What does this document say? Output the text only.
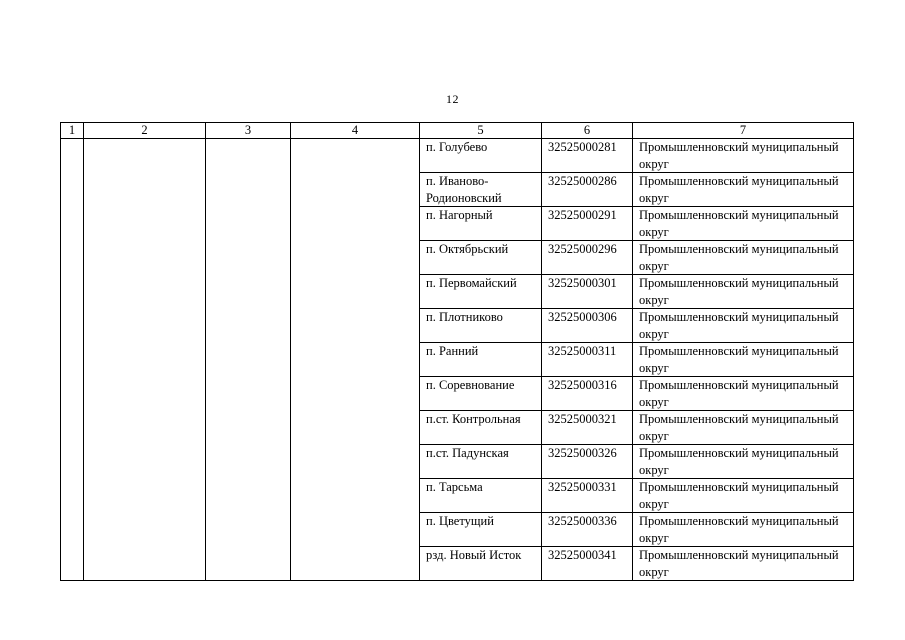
12
1	2	3	4	5	6	7
				п. Голубево	32525000281	Промышленновский муниципальный округ
				п. Иваново-Родионовский	32525000286	Промышленновский муниципальный округ
				п. Нагорный	32525000291	Промышленновский муниципальный округ
				п. Октябрьский	32525000296	Промышленновский муниципальный округ
				п. Первомайский	32525000301	Промышленновский муниципальный округ
				п. Плотниково	32525000306	Промышленновский муниципальный округ
				п. Ранний	32525000311	Промышленновский муниципальный округ
				п. Соревнование	32525000316	Промышленновский муниципальный округ
				п.ст. Контрольная	32525000321	Промышленновский муниципальный округ
				п.ст. Падунская	32525000326	Промышленновский муниципальный округ
				п. Тарсьма	32525000331	Промышленновский муниципальный округ
				п. Цветущий	32525000336	Промышленновский муниципальный округ
				рзд. Новый Исток	32525000341	Промышленновский муниципальный округ
